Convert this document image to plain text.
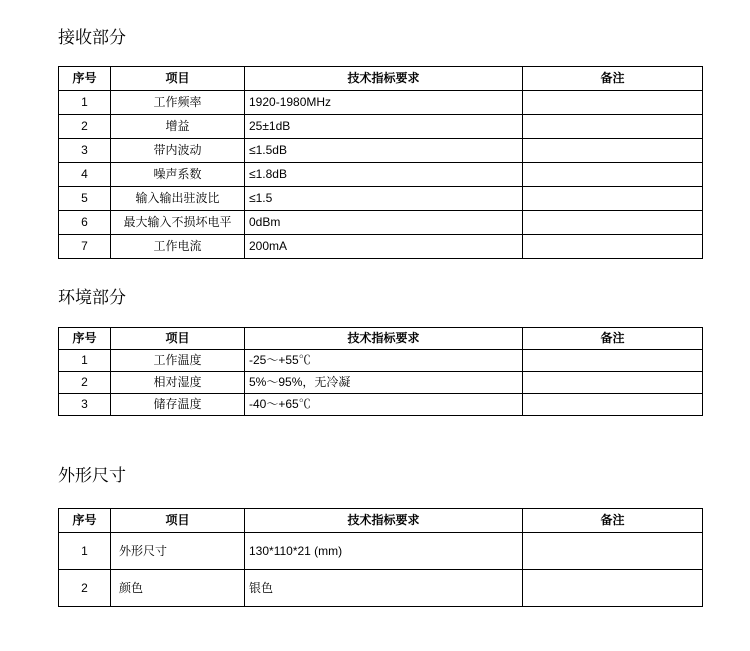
接收部分
序号	项目	技术指标要求	备注
1	工作频率	1920-1980MHz	
2	增益	25±1dB	
3	带内波动	≤1.5dB	
4	噪声系数	≤1.8dB	
5	输入输出驻波比	≤1.5	
6	最大输入不损坏电平	0dBm	
7	工作电流	200mA	
环境部分
序号	项目	技术指标要求	备注
1	工作温度	-25～+55℃	
2	相对湿度	5%～95%，无冷凝	
3	储存温度	-40～+65℃	
外形尺寸
序号	项目	技术指标要求	备注
1	外形尺寸	130*110*21 (mm)	
2	颜色	银色	
